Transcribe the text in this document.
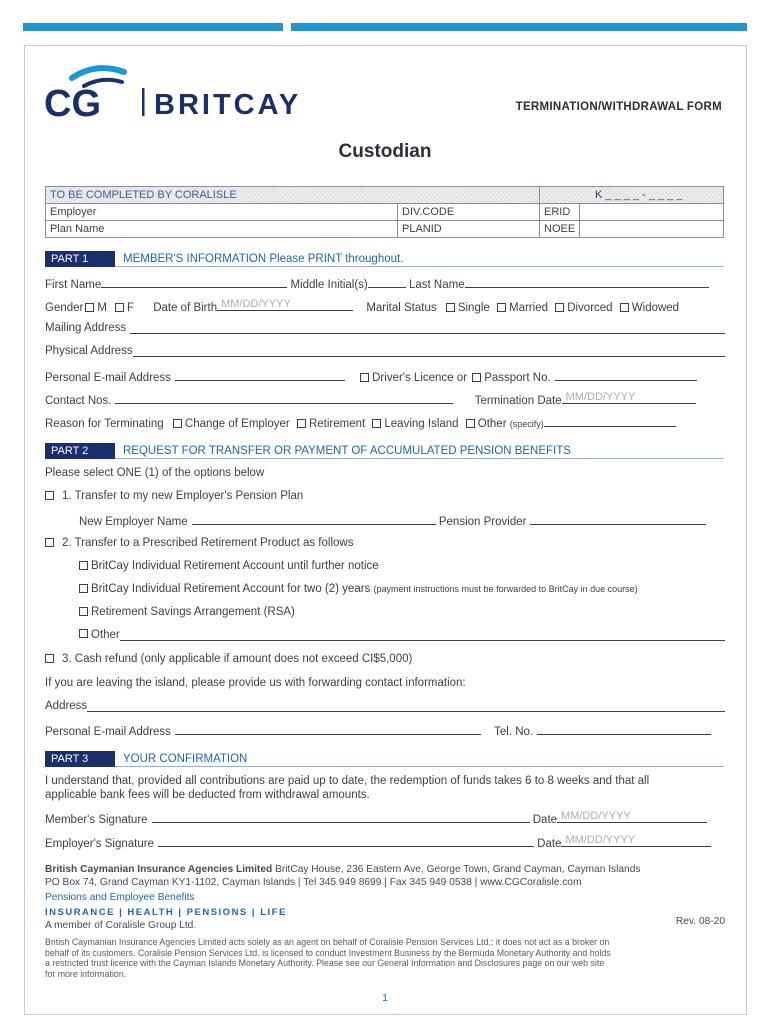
CG BRITCAY	TERMINATION/WITHDRAWAL FORM
Custodian
TO BE COMPLETED BY CORALISLE		K _ _ _ _ - _ _ _ _	
Employer	DIV.CODE	ERID	
Plan Name	PLANID	NOEE	
PART 1	MEMBER'S INFORMATION Please PRINT throughout.
First Name	Middle Initial(s)	Last Name
Gender M F Date of Birth MM/DD/YYYY	Marital Status Single Married Divorced Widowed
Mailing Address
Physical Address
Personal E-mail Address	Driver's Licence or Passport No.
Contact Nos.	Termination Date MM/DD/YYYY
Reason for Terminating Change of Employer Retirement Leaving Island Other (specify)
PART 2	REQUEST FOR TRANSFER OR PAYMENT OF ACCUMULATED PENSION BENEFITS
Please select ONE (1) of the options below
1. Transfer to my new Employer's Pension Plan
New Employer Name	Pension Provider
2. Transfer to a Prescribed Retirement Product as follows
BritCay Individual Retirement Account until further notice
BritCay Individual Retirement Account for two (2) years (payment instructions must be forwarded to BritCay in due course)
Retirement Savings Arrangement (RSA)
Other
3. Cash refund (only applicable if amount does not exceed CI$5,000)
If you are leaving the island, please provide us with forwarding contact information:
Address
Personal E-mail Address	Tel. No.
PART 3	YOUR CONFIRMATION
I understand that, provided all contributions are paid up to date, the redemption of funds takes 6 to 8 weeks and that all
applicable bank fees will be deducted from withdrawal amounts.
Member's Signature	Date MM/DD/YYYY
Employer's Signature	Date MM/DD/YYYY
British Caymanian Insurance Agencies Limited BritCay House, 236 Eastern Ave, George Town, Grand Cayman, Cayman Islands
PO Box 74, Grand Cayman KY1-1102, Cayman Islands | Tel 345 949 8699 | Fax 345 949 0538 | www.CGCoralisle.com
Pensions and Employee Benefits
INSURANCE | HEALTH | PENSIONS | LIFE
A member of Coralisle Group Ltd.	Rev. 08-20
British Caymanian Insurance Agencies Limited acts solely as an agent on behalf of Coralisle Pension Services Ltd.; it does not act as a broker on
behalf of its customers. Coralisle Pension Services Ltd. is licensed to conduct Investment Business by the Bermuda Monetary Authority and holds
a restricted trust licence with the Cayman Islands Monetary Authority. Please see our General Information and Disclosures page on our web site
for more information.
1
